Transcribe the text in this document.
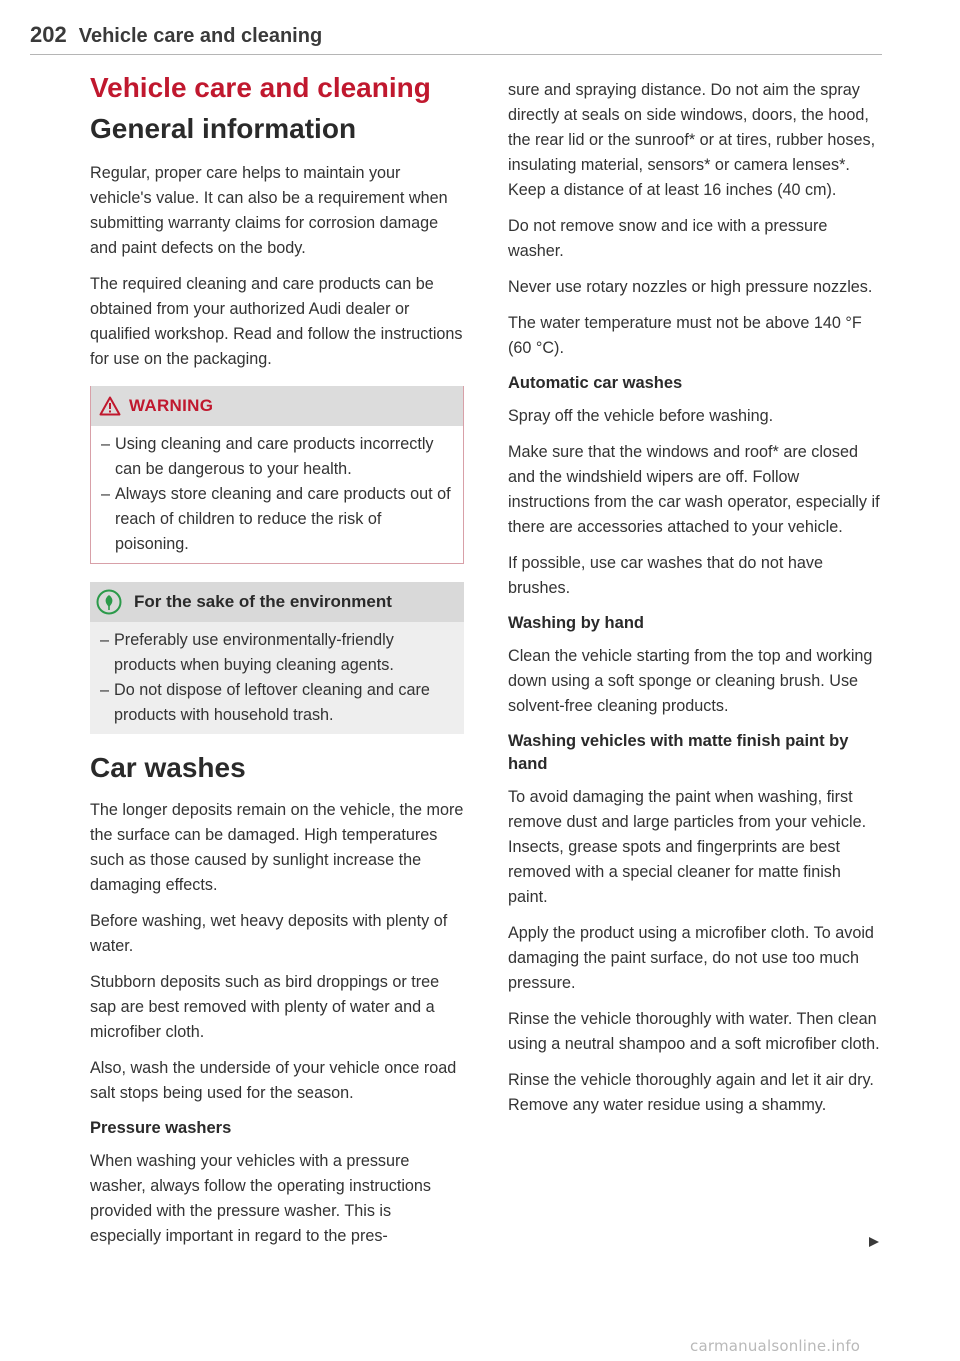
202 Vehicle care and cleaning
Vehicle care and cleaning
General information

Regular, proper care helps to maintain your vehicle's value. It can also be a requirement when submitting warranty claims for corrosion damage and paint defects on the body.

The required cleaning and care products can be obtained from your authorized Audi dealer or qualified workshop. Read and follow the instructions for use on the packaging.

WARNING
– Using cleaning and care products incorrectly can be dangerous to your health.
– Always store cleaning and care products out of reach of children to reduce the risk of poisoning.
For the sake of the environment
– Preferably use environmentally-friendly products when buying cleaning agents.
– Do not dispose of leftover cleaning and care products with household trash.
Car washes

The longer deposits remain on the vehicle, the more the surface can be damaged. High temperatures such as those caused by sunlight increase the damaging effects.

Before washing, wet heavy deposits with plenty of water.

Stubborn deposits such as bird droppings or tree sap are best removed with plenty of water and a microfiber cloth.

Also, wash the underside of your vehicle once road salt stops being used for the season.

Pressure washers

When washing your vehicles with a pressure washer, always follow the operating instructions provided with the pressure washer. This is especially important in regard to the pres-

sure and spraying distance. Do not aim the spray directly at seals on side windows, doors, the hood, the rear lid or the sunroof* or at tires, rubber hoses, insulating material, sensors* or camera lenses*. Keep a distance of at least 16 inches (40 cm).

Do not remove snow and ice with a pressure washer.

Never use rotary nozzles or high pressure nozzles.

The water temperature must not be above 140 °F (60 °C).

Automatic car washes

Spray off the vehicle before washing.

Make sure that the windows and roof* are closed and the windshield wipers are off. Follow instructions from the car wash operator, especially if there are accessories attached to your vehicle.

If possible, use car washes that do not have brushes.

Washing by hand

Clean the vehicle starting from the top and working down using a soft sponge or cleaning brush. Use solvent-free cleaning products.

Washing vehicles with matte finish paint by hand

To avoid damaging the paint when washing, first remove dust and large particles from your vehicle. Insects, grease spots and fingerprints are best removed with a special cleaner for matte finish paint.

Apply the product using a microfiber cloth. To avoid damaging the paint surface, do not use too much pressure.

Rinse the vehicle thoroughly with water. Then clean using a neutral shampoo and a soft microfiber cloth.

Rinse the vehicle thoroughly again and let it air dry. Remove any water residue using a shammy.

carmanualsonline.info
